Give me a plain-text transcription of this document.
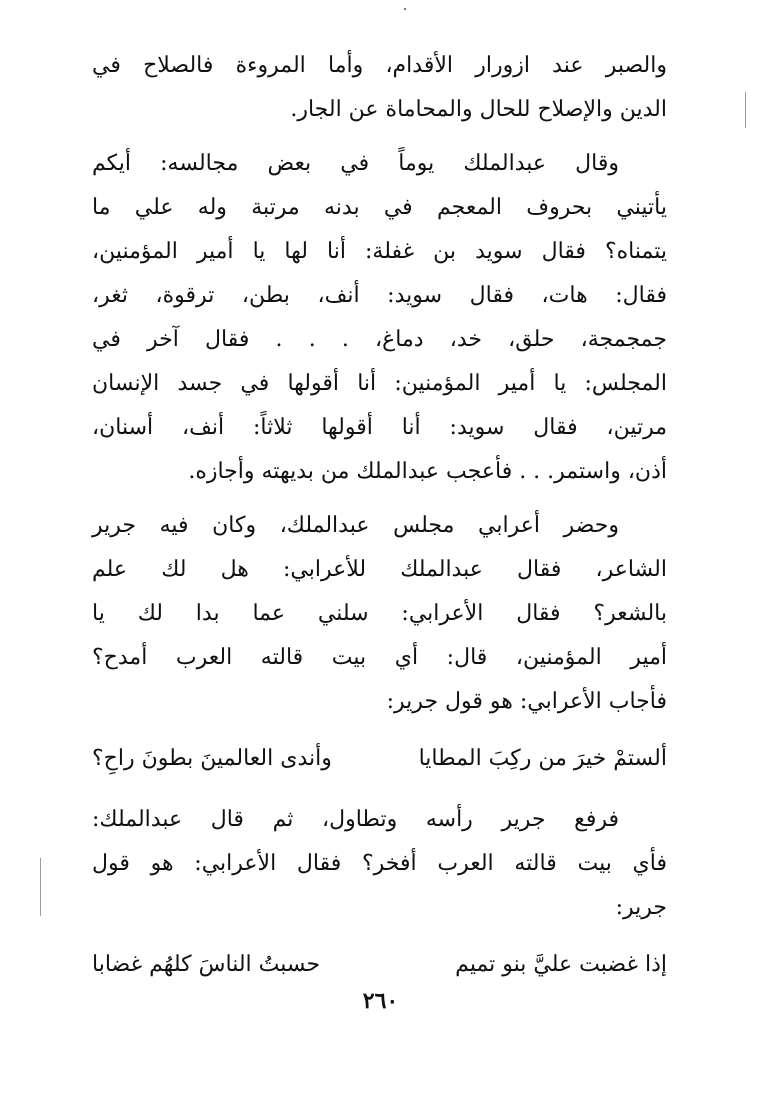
والصبر عند ازورار الأقدام، وأما المروءة فالصلاح في
الدين والإصلاح للحال والمحاماة عن الجار.

وقال عبدالملك يوماً في بعض مجالسه: أيكم
يأتيني بحروف المعجم في بدنه مرتبة وله علي ما
يتمناه؟ فقال سويد بن غفلة: أنا لها يا أمير المؤمنين،
فقال: هات، فقال سويد: أنف، بطن، ترقوة، ثغر،
جمجمجة، حلق، خد، دماغ، . . . فقال آخر في
المجلس: يا أمير المؤمنين: أنا أقولها في جسد الإنسان
مرتين، فقال سويد: أنا أقولها ثلاثاً: أنف، أسنان،
أذن، واستمر. . . فأعجب عبدالملك من بديهته وأجازه.

وحضر أعرابي مجلس عبدالملك، وكان فيه جرير
الشاعر، فقال عبدالملك للأعرابي: هل لك علم
بالشعر؟ فقال الأعرابي: سلني عما بدا لك يا
أمير المؤمنين، قال: أي بيت قالته العرب أمدح؟
فأجاب الأعرابي: هو قول جرير:

ألستمْ خيرَ من ركِبَ المطايا
وأندى العالمينَ بطونَ راحِ؟

فرفع جرير رأسه وتطاول، ثم قال عبدالملك:
فأي بيت قالته العرب أفخر؟ فقال الأعرابي: هو قول
جرير:

إذا غضبت عليَّ بنو تميم
حسبتُ الناسَ كلهُم غضابا
٢٦٠
